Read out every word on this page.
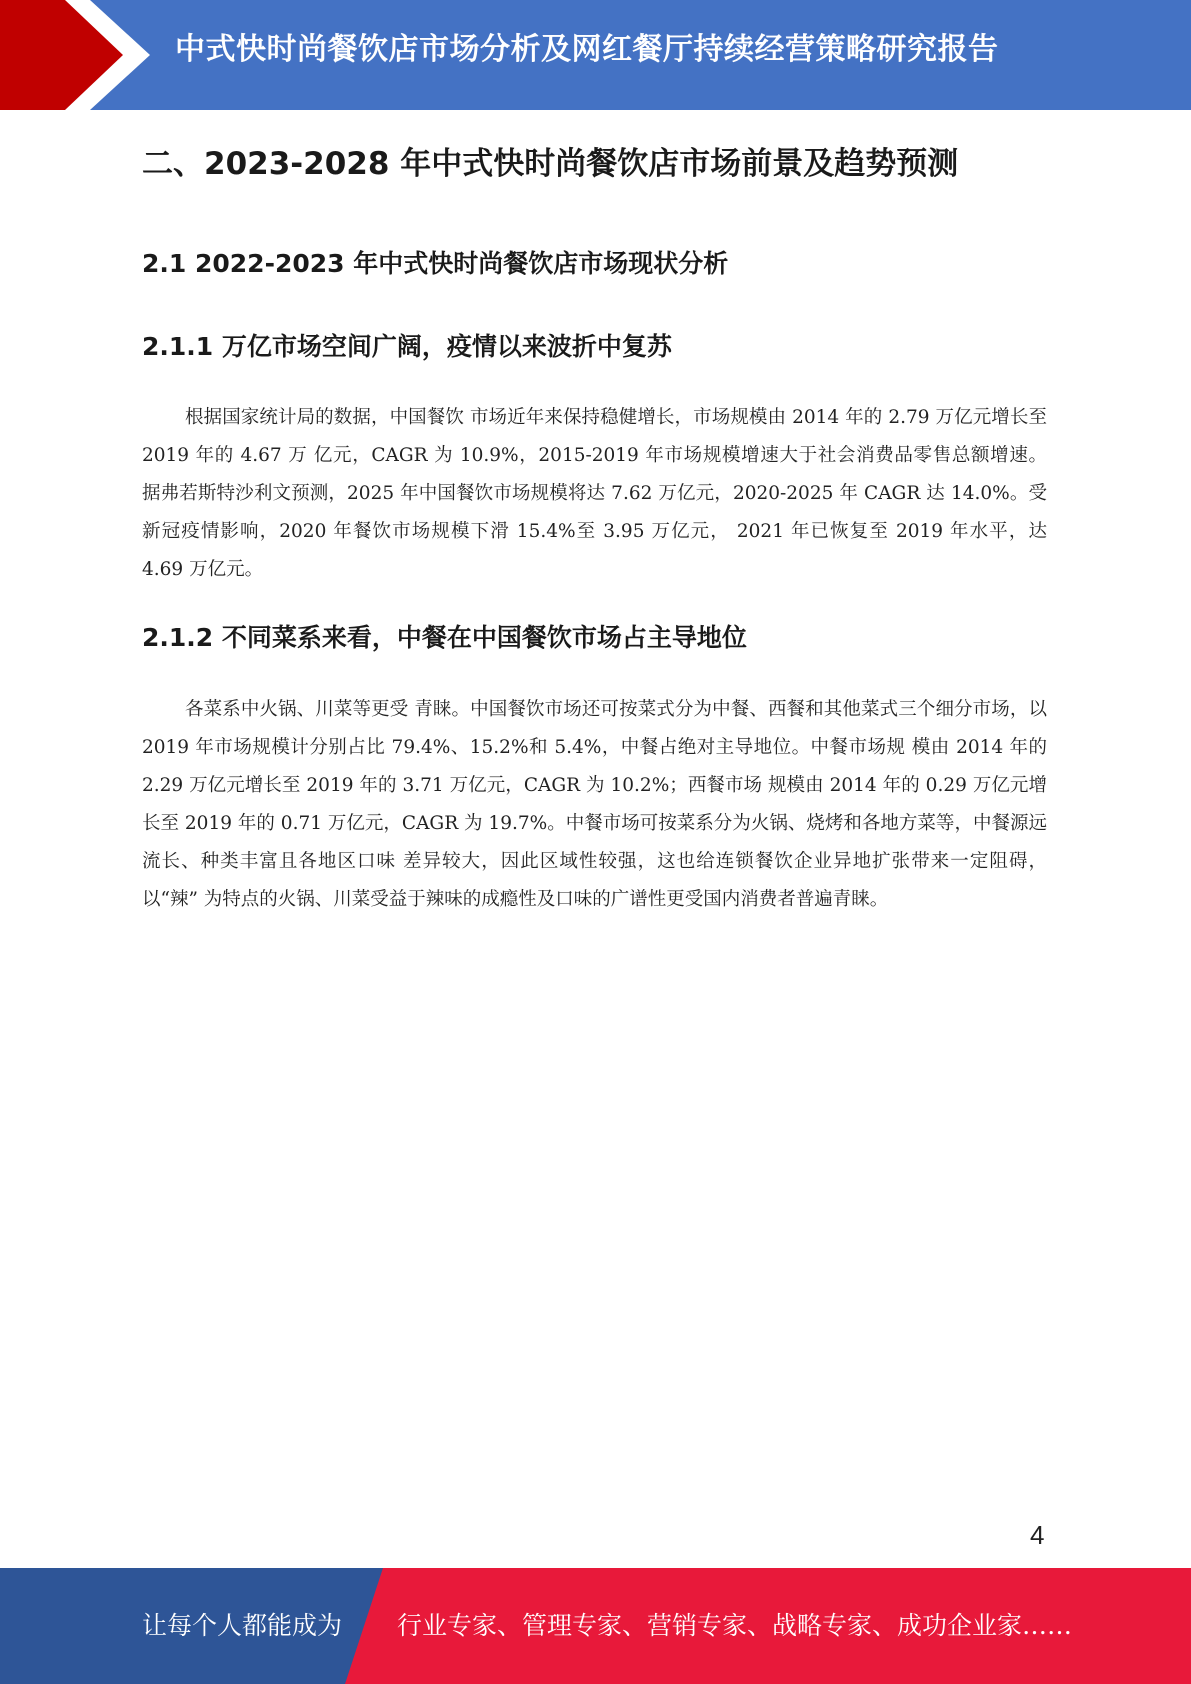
中式快时尚餐饮店市场分析及网红餐厅持续经营策略研究报告
二、2023-2028 年中式快时尚餐饮店市场前景及趋势预测
2.1 2022-2023 年中式快时尚餐饮店市场现状分析
2.1.1 万亿市场空间广阔，疫情以来波折中复苏

根据国家统计局的数据，中国餐饮 市场近年来保持稳健增长，市场规模由 2014 年的 2.79 万亿元增长至 2019 年的 4.67 万 亿元，CAGR 为 10.9%，2015-2019 年市场规模增速大于社会消费品零售总额增速。 据弗若斯特沙利文预测，2025 年中国餐饮市场规模将达 7.62 万亿元，2020-2025 年 CAGR 达 14.0%。受新冠疫情影响，2020 年餐饮市场规模下滑 15.4%至 3.95 万亿元， 2021 年已恢复至 2019 年水平，达 4.69 万亿元。

2.1.2 不同菜系来看，中餐在中国餐饮市场占主导地位

各菜系中火锅、川菜等更受 青睐。中国餐饮市场还可按菜式分为中餐、西餐和其他菜式三个细分市场，以 2019 年市场规模计分别占比 79.4%、15.2%和 5.4%，中餐占绝对主导地位。中餐市场规 模由 2014 年的 2.29 万亿元增长至 2019 年的 3.71 万亿元，CAGR 为 10.2%；西餐市场 规模由 2014 年的 0.29 万亿元增长至 2019 年的 0.71 万亿元，CAGR 为 19.7%。中餐市场可按菜系分为火锅、烧烤和各地方菜等，中餐源远流长、种类丰富且各地区口味 差异较大，因此区域性较强，这也给连锁餐饮企业异地扩张带来一定阻碍，以“辣” 为特点的火锅、川菜受益于辣味的成瘾性及口味的广谱性更受国内消费者普遍青睐。

4
让每个人都能成为 行业专家、管理专家、营销专家、战略专家、成功企业家……
